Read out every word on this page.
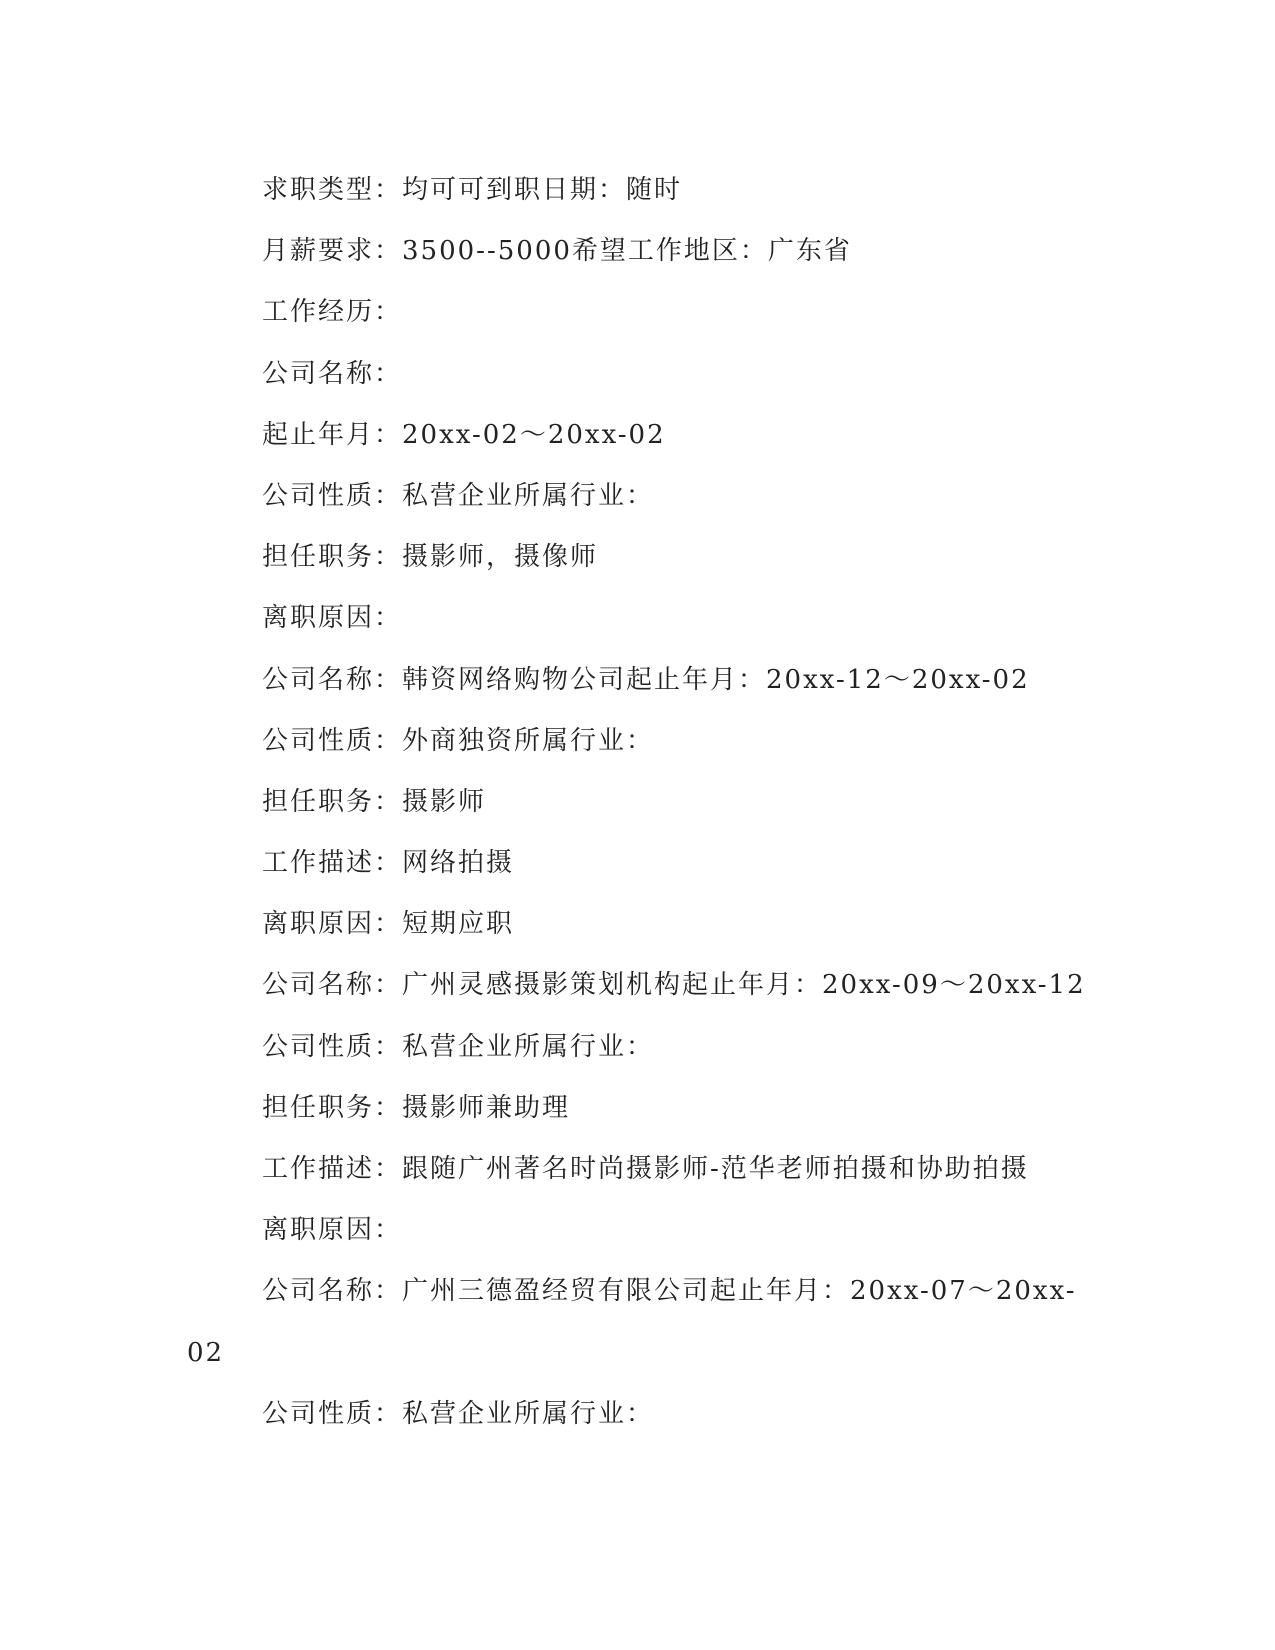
求职类型：均可可到职日期：随时
月薪要求：3500--5000希望工作地区：广东省
工作经历：
公司名称：
起止年月：20xx-02～20xx-02
公司性质：私营企业所属行业：
担任职务：摄影师，摄像师
离职原因：
公司名称：韩资网络购物公司起止年月：20xx-12～20xx-02
公司性质：外商独资所属行业：
担任职务：摄影师
工作描述：网络拍摄
离职原因：短期应职
公司名称：广州灵感摄影策划机构起止年月：20xx-09～20xx-12
公司性质：私营企业所属行业：
担任职务：摄影师兼助理
工作描述：跟随广州著名时尚摄影师-范华老师拍摄和协助拍摄
离职原因：
公司名称：广州三德盈经贸有限公司起止年月：20xx-07～20xx-
02
公司性质：私营企业所属行业：
